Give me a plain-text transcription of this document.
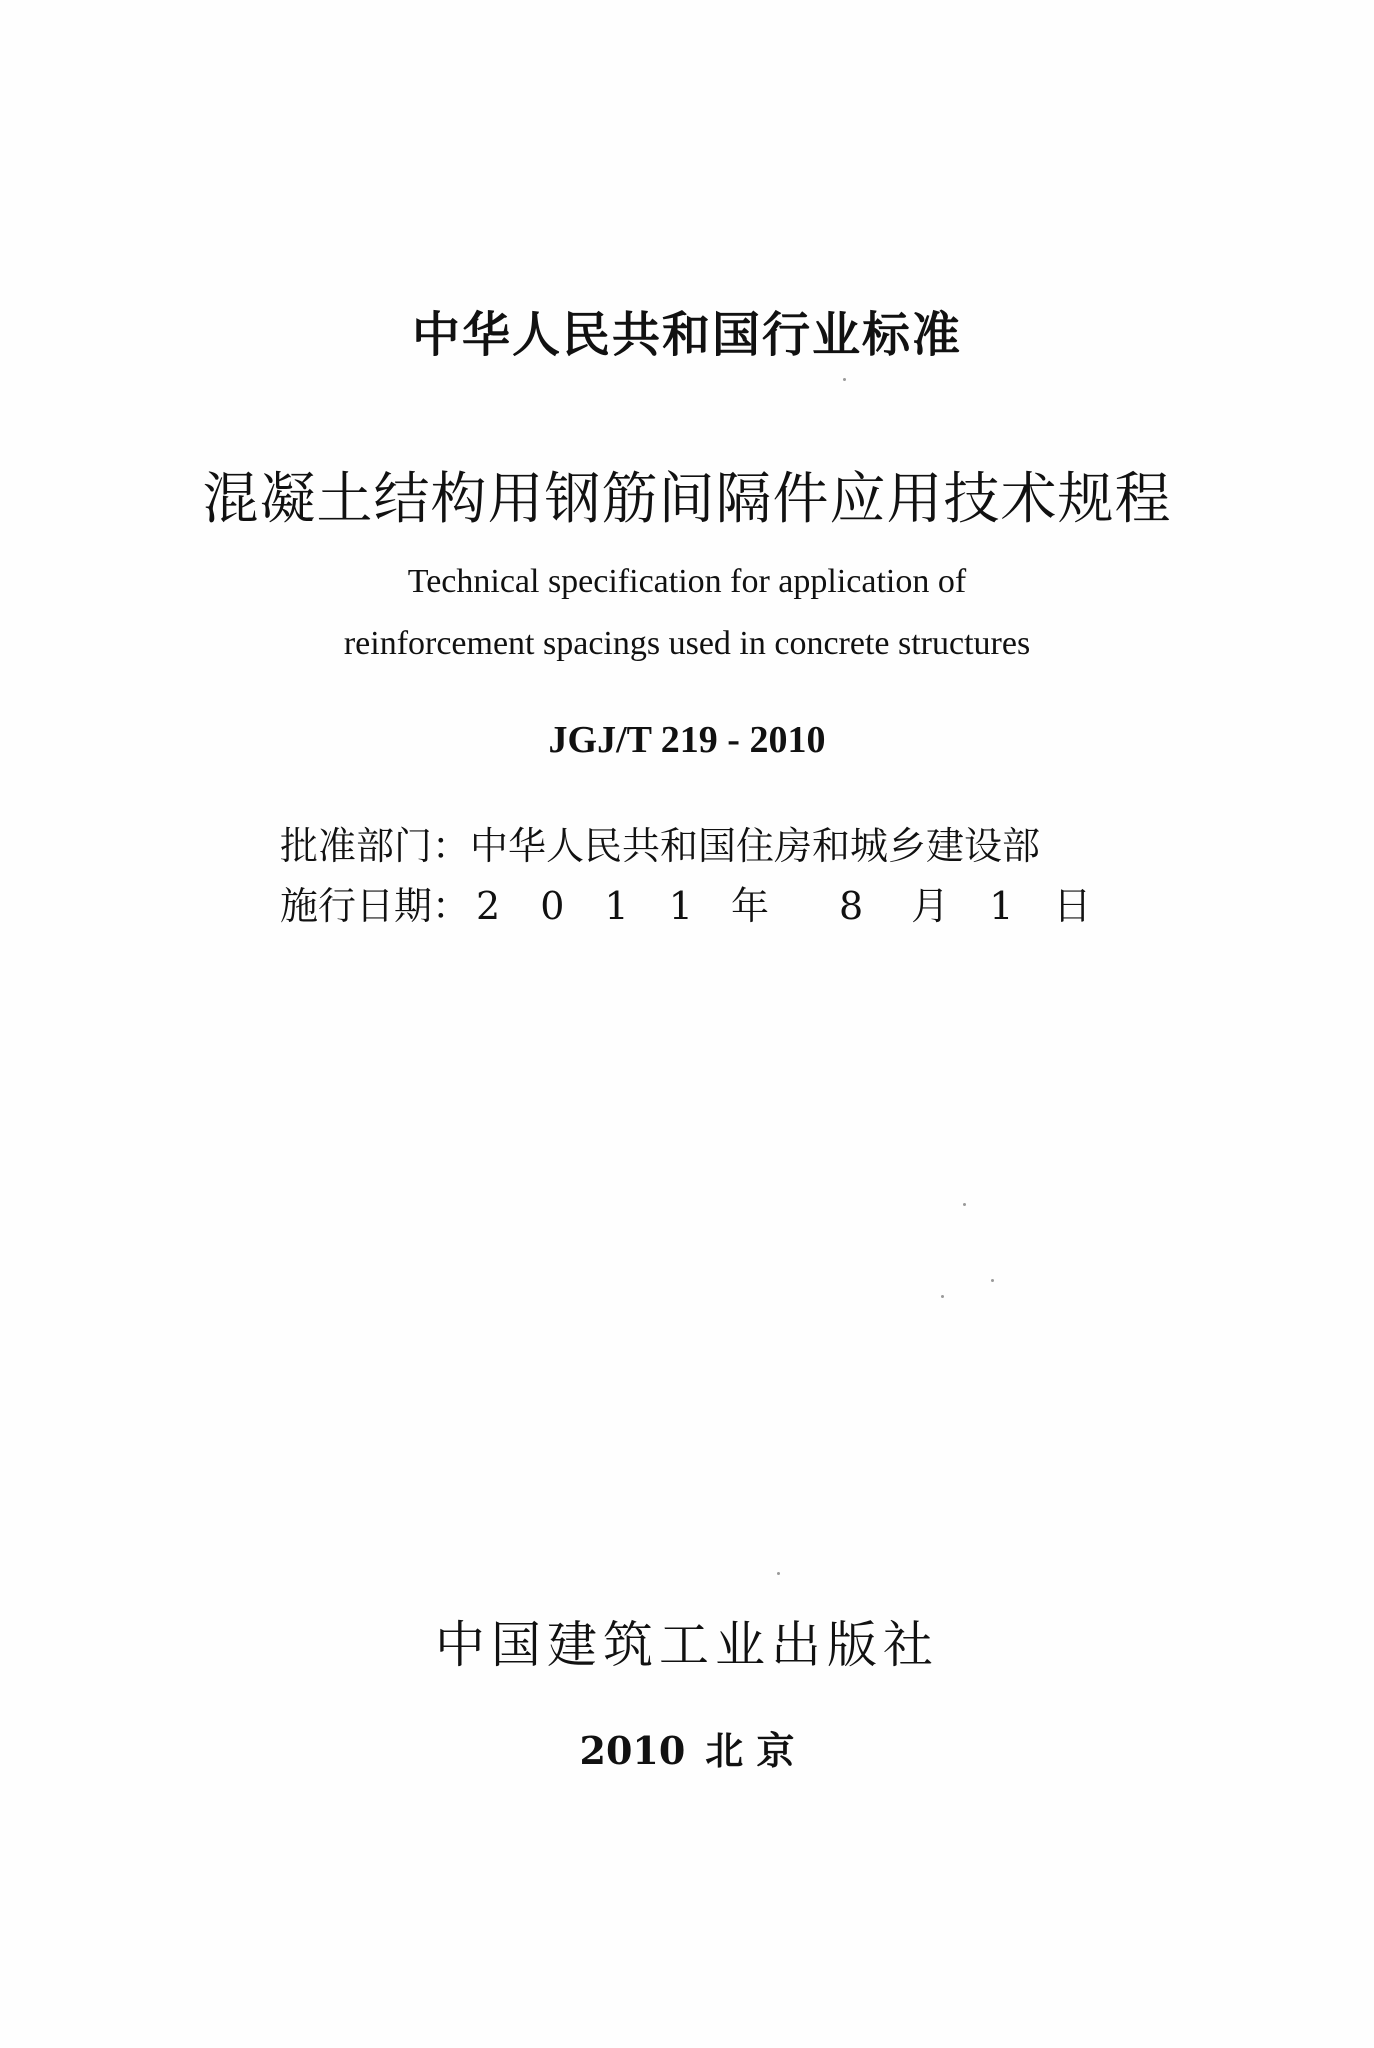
中华人民共和国行业标准
混凝土结构用钢筋间隔件应用技术规程
Technical specification for application of
reinforcement spacings used in concrete structures
JGJ/T 219 - 2010
批准部门：中华人民共和国住房和城乡建设部
施行日期： 2 0 1 1 年 8 月 1 日
中国建筑工业出版社
2010 北 京
